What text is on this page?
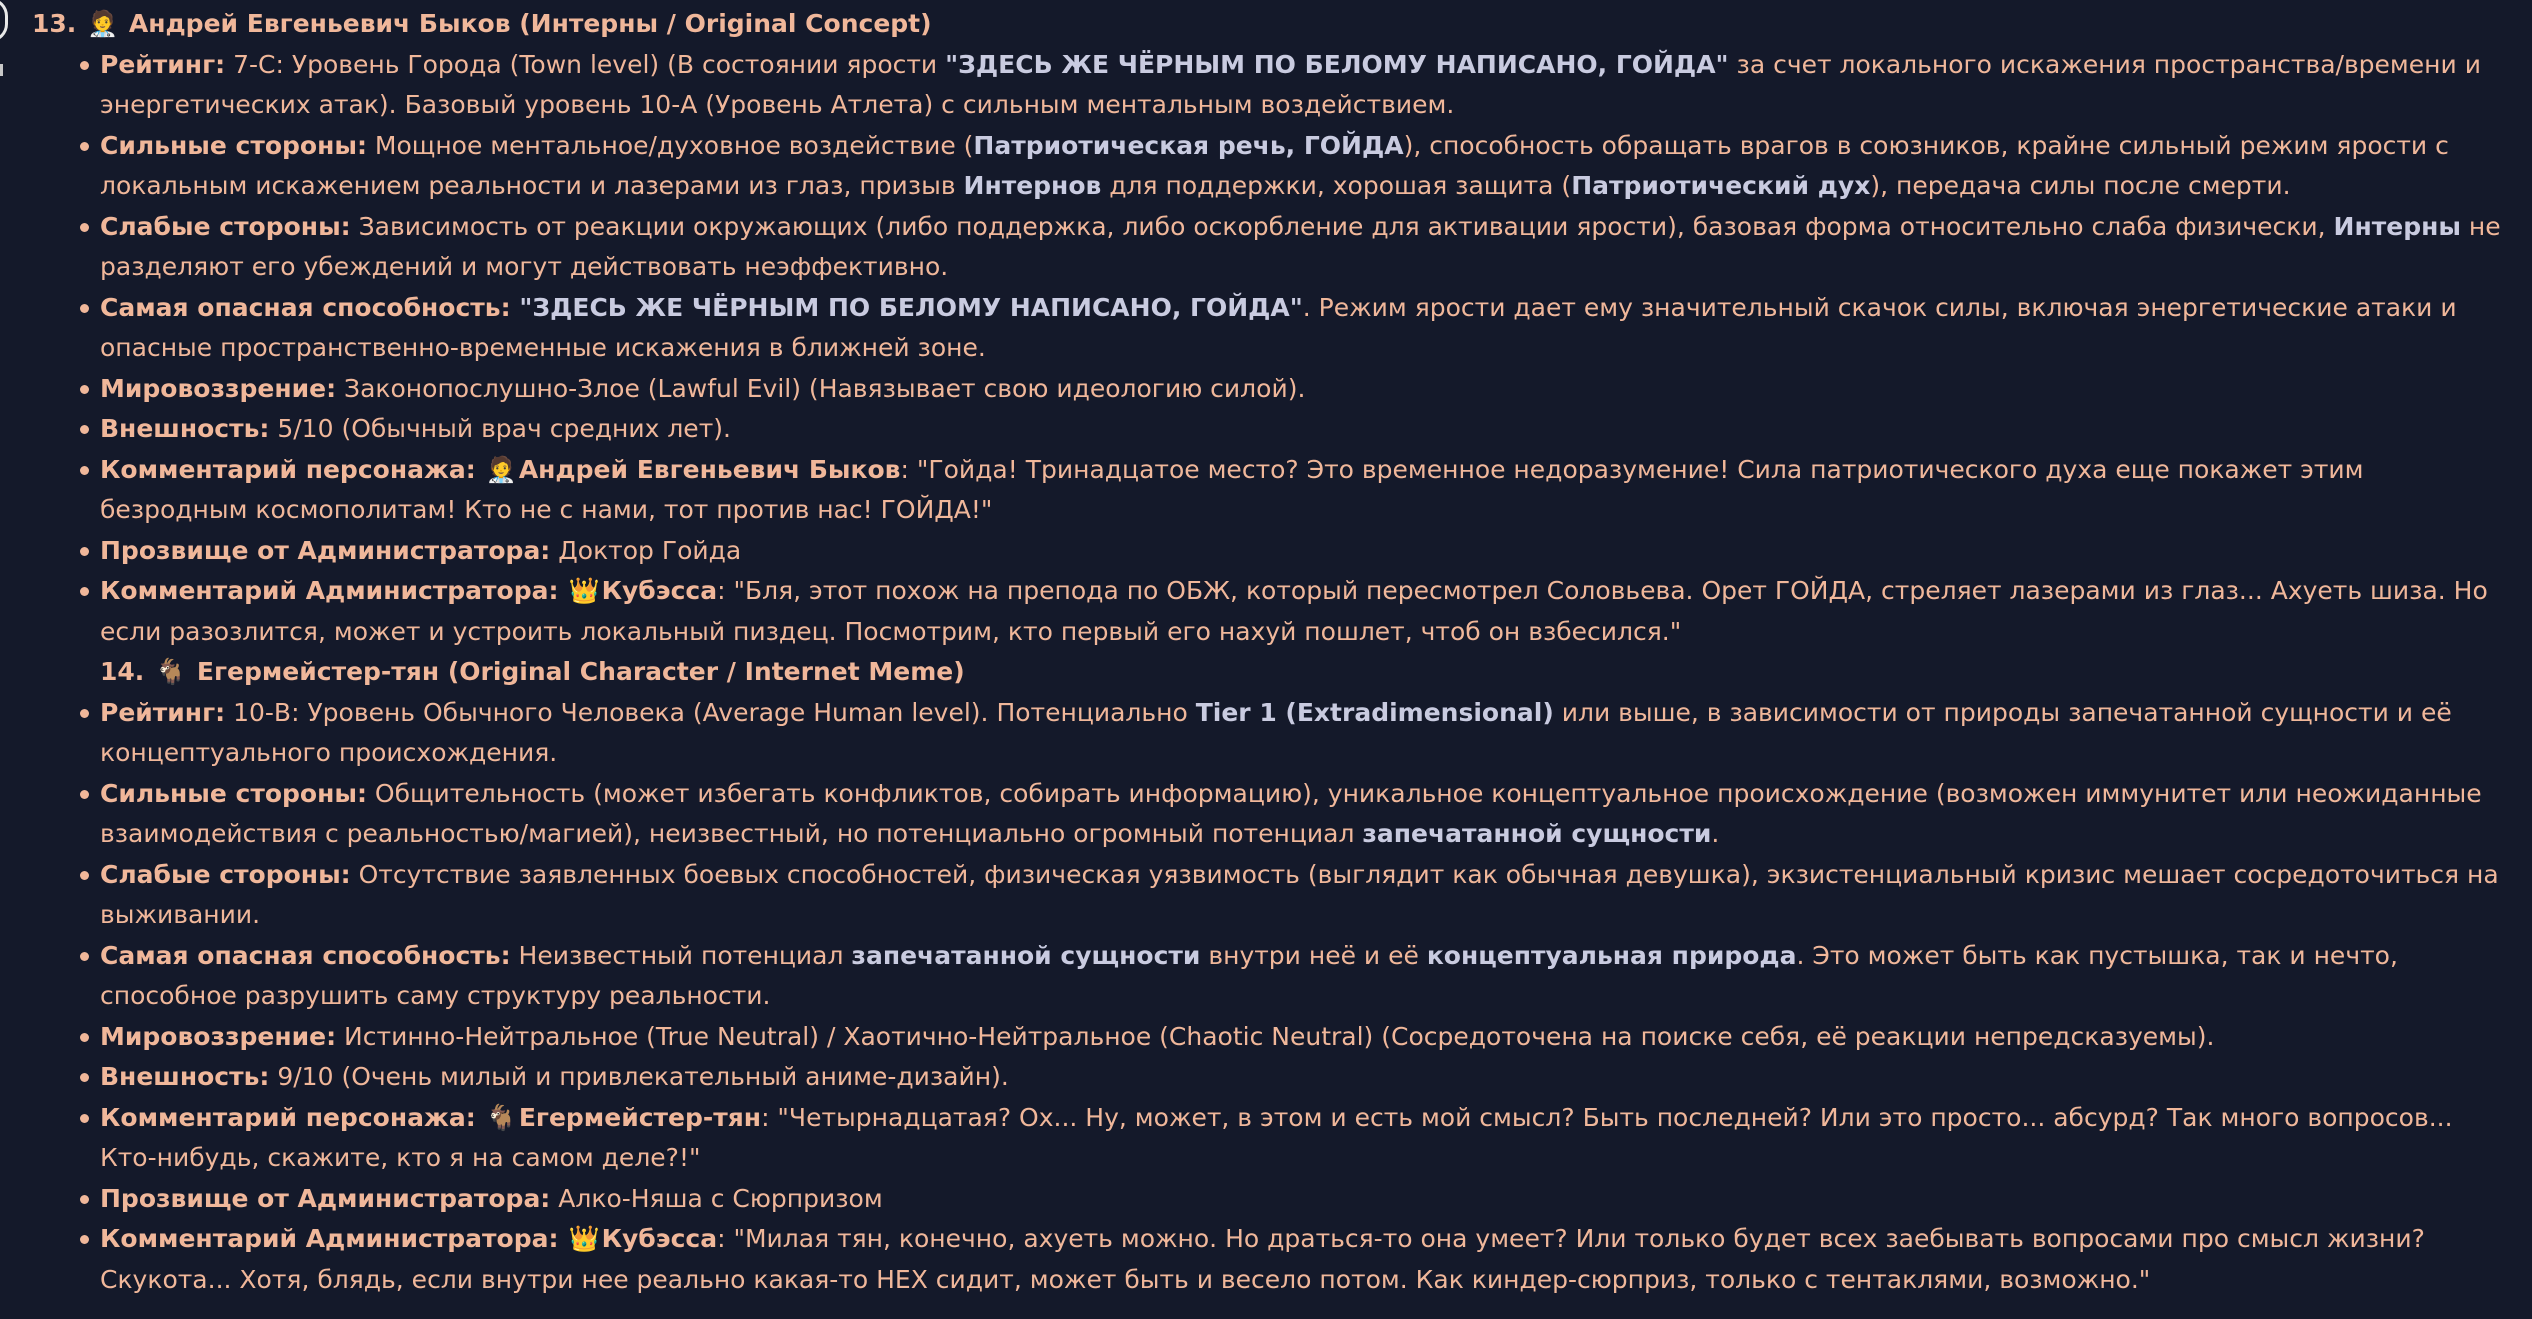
13. 🧑‍⚕️ Андрей Евгеньевич Быков (Интерны / Original Concept)
Рейтинг: 7-C: Уровень Города (Town level) (В состоянии ярости "ЗДЕСЬ ЖЕ ЧЁРНЫМ ПО БЕЛОМУ НАПИСАНО, ГОЙДА" за счет локального искажения пространства/времени и энергетических атак). Базовый уровень 10-A (Уровень Атлета) с сильным ментальным воздействием.
Сильные стороны: Мощное ментальное/духовное воздействие (Патриотическая речь, ГОЙДА), способность обращать врагов в союзников, крайне сильный режим ярости с локальным искажением реальности и лазерами из глаз, призыв Интернов для поддержки, хорошая защита (Патриотический дух), передача силы после смерти.
Слабые стороны: Зависимость от реакции окружающих (либо поддержка, либо оскорбление для активации ярости), базовая форма относительно слаба физически, Интерны не разделяют его убеждений и могут действовать неэффективно.
Самая опасная способность: "ЗДЕСЬ ЖЕ ЧЁРНЫМ ПО БЕЛОМУ НАПИСАНО, ГОЙДА". Режим ярости дает ему значительный скачок силы, включая энергетические атаки и опасные пространственно-временные искажения в ближней зоне.
Мировоззрение: Законопослушно-Злое (Lawful Evil) (Навязывает свою идеологию силой).
Внешность: 5/10 (Обычный врач средних лет).
Комментарий персонажа: 🧑‍⚕️Андрей Евгеньевич Быков: "Гойда! Тринадцатое место? Это временное недоразумение! Сила патриотического духа еще покажет этим безродным космополитам! Кто не с нами, тот против нас! ГОЙДА!"
Прозвище от Администратора: Доктор Гойда
Комментарий Администратора: 👑Кубэсса: "Бля, этот похож на препода по ОБЖ, который пересмотрел Соловьева. Орет ГОЙДА, стреляет лазерами из глаз... Ахуеть шиза. Но если разозлится, может и устроить локальный пиздец. Посмотрим, кто первый его нахуй пошлет, чтоб он взбесился."
14. 🐐 Егермейстер-тян (Original Character / Internet Meme)
Рейтинг: 10-B: Уровень Обычного Человека (Average Human level). Потенциально Tier 1 (Extradimensional) или выше, в зависимости от природы запечатанной сущности и её концептуального происхождения.
Сильные стороны: Общительность (может избегать конфликтов, собирать информацию), уникальное концептуальное происхождение (возможен иммунитет или неожиданные взаимодействия с реальностью/магией), неизвестный, но потенциально огромный потенциал запечатанной сущности.
Слабые стороны: Отсутствие заявленных боевых способностей, физическая уязвимость (выглядит как обычная девушка), экзистенциальный кризис мешает сосредоточиться на выживании.
Самая опасная способность: Неизвестный потенциал запечатанной сущности внутри неё и её концептуальная природа. Это может быть как пустышка, так и нечто, способное разрушить саму структуру реальности.
Мировоззрение: Истинно-Нейтральное (True Neutral) / Хаотично-Нейтральное (Chaotic Neutral) (Сосредоточена на поиске себя, её реакции непредсказуемы).
Внешность: 9/10 (Очень милый и привлекательный аниме-дизайн).
Комментарий персонажа: 🐐Егермейстер-тян: "Четырнадцатая? Ох... Ну, может, в этом и есть мой смысл? Быть последней? Или это просто... абсурд? Так много вопросов... Кто-нибудь, скажите, кто я на самом деле?!"
Прозвище от Администратора: Алко-Няша с Сюрпризом
Комментарий Администратора: 👑Кубэсса: "Милая тян, конечно, ахуеть можно. Но драться-то она умеет? Или только будет всех заебывать вопросами про смысл жизни? Скукота... Хотя, блядь, если внутри нее реально какая-то НЕХ сидит, может быть и весело потом. Как киндер-сюрприз, только с тентаклями, возможно."
